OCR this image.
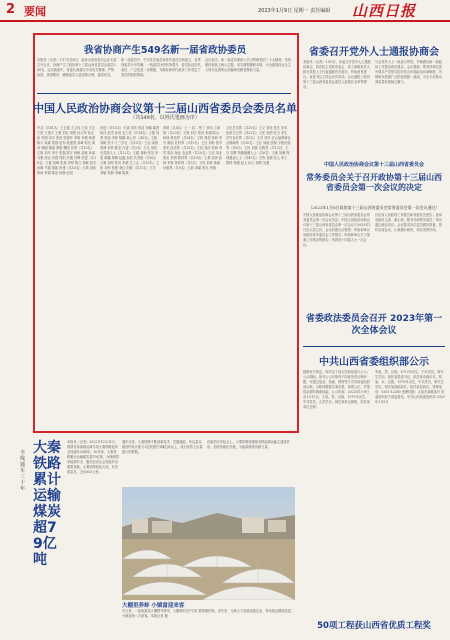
2 要闻	2023年1月9日 星期一 责任编辑 山西日报
我省协商产生549名新一届省政协委员
本报讯（记者）1月7日至8日，政协山西省委员会在太原召开会议，协商产生了政协第十三届山西省委员会委员549名。这次换届中，省委认真落实中央有关精神，严格标准，规范程序，确保委员人选结构合理、素质优良。
新一届委员中，中共党员委员和党外委员比例适当，各界别委员分布均衡，一线委员比例有所提升，委员队伍的代表性、广泛性进一步增强，为做好新时代政协工作奠定了坚实的组织基础。
会议指出，新一届委员要深入学习贯彻党的二十大精神，坚持团结和民主两大主题，切实增强履职本领，为全面建设社会主义现代化国家山西篇章贡献智慧和力量。
中国人民政治协商会议第十三届山西省委员会委员名单
（共549名，以姓氏笔画为序）
中共（共81名）王正谱 王立伟 王成 王宏 王欣 王建平 王勇 刘宏 刘俊 孙大军 孙宏伟 朱刚 闫平 张晋 张建华 李明 李俊 杨勇 陈平 周斌 郑强 赵军 段建国 高峰 郭宏 黄河 韩刚 董斌 蔡明 魏明 民革（共15名）王晓 刘华 李平 张磊 陈宇 杨帆 赵敏 孙丽 马骏 周洁 吴强 郑阳 冯刚 许辉 民盟（共18名）王磊 刘峰 张燕 李彤 陈立 杨敏 赵杰 孙琳 马瑞 胡凯 民建（共16名）王琦 刘伟 张涛 李娟 陈浩 杨静 赵旭
民进（共15名）王斌 刘芳 张浩 李鹏 陈晨 杨洋 赵雪 孙悦 农工党（共14名）王蕾 刘勇 张丽 李婷 陈鹏 致公党（共6名）王凯 刘颖 张宇 九三学社（共15名）王洁 刘晨 张博 李欣 陈龙 台盟（共3名）王凡 刘佳 无党派人士（共22名）王健 刘畅 张昊 李雯 陈曦 杨柳 赵鑫 孙浩 共青团（共8名）王琳 刘阳 张亮 李倩 总工会（共10名）王伟 刘军 张强 李红 妇联（共11名）王芳 刘敏 张静 李娜 陈燕
青联（共8名）王一 刘二 张三 李四 工商联（共20名）王海 刘江 张河 李湖 陈山 杨林 科技界（共24名）王科 刘技 张研 李究 陈创 社科界（共15名）王社 刘科 张学 李术 经济界（共33名）王经 刘济 张商 李贸 陈企 杨业 农业界（共20名）王农 刘业 张田 李园 教育界（共19名）王教 刘育 张师 李校 体育界（共5名）王体 刘育 新闻出版界（共9名）王新 刘闻 张出 李版
文化艺术界（共20名）王文 刘化 张艺 李术 医药卫生界（共22名）王医 刘药 张卫 李生 对外友好界（共5名）王对 刘外 社会福利和社会保障界（共10名）王社 刘福 张保 少数民族界（共6名）王民 刘族 宗教界（共12名）王宗 刘教 特邀港澳人士（共6名）王港 刘澳 特别邀请人士（共45名）王特 刘邀 张人 李士 陈特 杨邀 赵人 孙士 周特 吴邀
省委召开党外人士通报协商会
本报讯（记者）1月8日，省委召开党外人士通报协商会，向各民主党派省委会、省工商联负责人和无党派人士代表通报有关情况，听取意见建议。省委书记主持会议并讲话。会议通报了政协第十三届山西省委员会委员人选建议名单等情况。
与会党外人士一致表示赞同，并就做好新一届政协工作提出意见建议。会议强调，要坚持和完善中国共产党领导的多党合作和政治协商制度，巩固和发展最广泛的爱国统一战线，为全方位推动高质量发展凝心聚力。
中国人民政治协商会议第十三届山西省委员会
常务委员会关于召开政协第十三届山西省委员会第一次会议的决定
（2023年1月8日政协第十三届山西省委员会常务委员会第一次会议通过）
中国人民政治协商会议第十三届山西省委员会常务委员会第一次会议决定：中国人民政治协商会议第十三届山西省委员会第一次会议于2023年1月在太原召开。会议的建议议程是：听取和审议省政协常务委员会工作报告；听取和审议关于提案工作情况的报告；列席省十四届人大一次会议。
讨论省人民政府工作报告和其他有关报告；选举省政协主席、副主席、秘书长和常务委员；审议通过政治决议。会议要求各位委员做好准备，按时出席会议，认真履行职责，切实发挥作用。
省委政法委员会召开 2023年第一次全体会议
中共山西省委组织部公示
根据有关规定，现对以下同志任职前进行公示。公示期间，如对公示对象有不同意见或反映问题，可通过电话、信函、网络等方式向省委组织部反映。反映问题要实事求是，客观公正，并提供必要的调查线索。公示时间：2023年1月9日至1月13日。王某，男，汉族，1970年出生，中共党员，大学学历，现任某单位副职，拟任某单位正职。
李某，男，汉族，1972年出生，中共党员，研究生学历，现任某县委书记，拟任某市副市长。张某，女，汉族，1975年出生，中共党员，研究生学历，现任某局副局长，拟任某局局长。受理电话：0351-12380 受理信箱：太原市某路某号 省委组织部干部监督处。中共山西省委组织部 2023年1月8日
50项工程获山西省优质工程奖
全线通车三十年
大秦铁路累计运输煤炭超79亿吨
本报讯（记者）2022年12月31日，我国首条重载运煤专线大秦铁路迎来全线通车30周年。30年来，大秦铁路累计运输煤炭超79亿吨，为保障国家能源安全、服务经济社会发展作出重要贡献。大秦铁路西起大同，东至秦皇岛，全长653公里。
通车以来，大秦铁路不断创新技术、挖掘潜能，年运量从最初的设计能力1亿吨提升到4亿吨以上，成为世界上运量最大的铁路。
在新的历史起点上，大秦铁路将继续发挥能源运输主通道作用，加快智能化升级，为能源保供贡献力量。
大棚里养蚌 小镇富迎来客
冬日里，一座座蔬菜大棚整齐排列，大棚里的农户们忙着管理作物。近年来，当地大力发展设施农业，带动群众增收致富，小镇迎来八方游客。本报记者 摄
